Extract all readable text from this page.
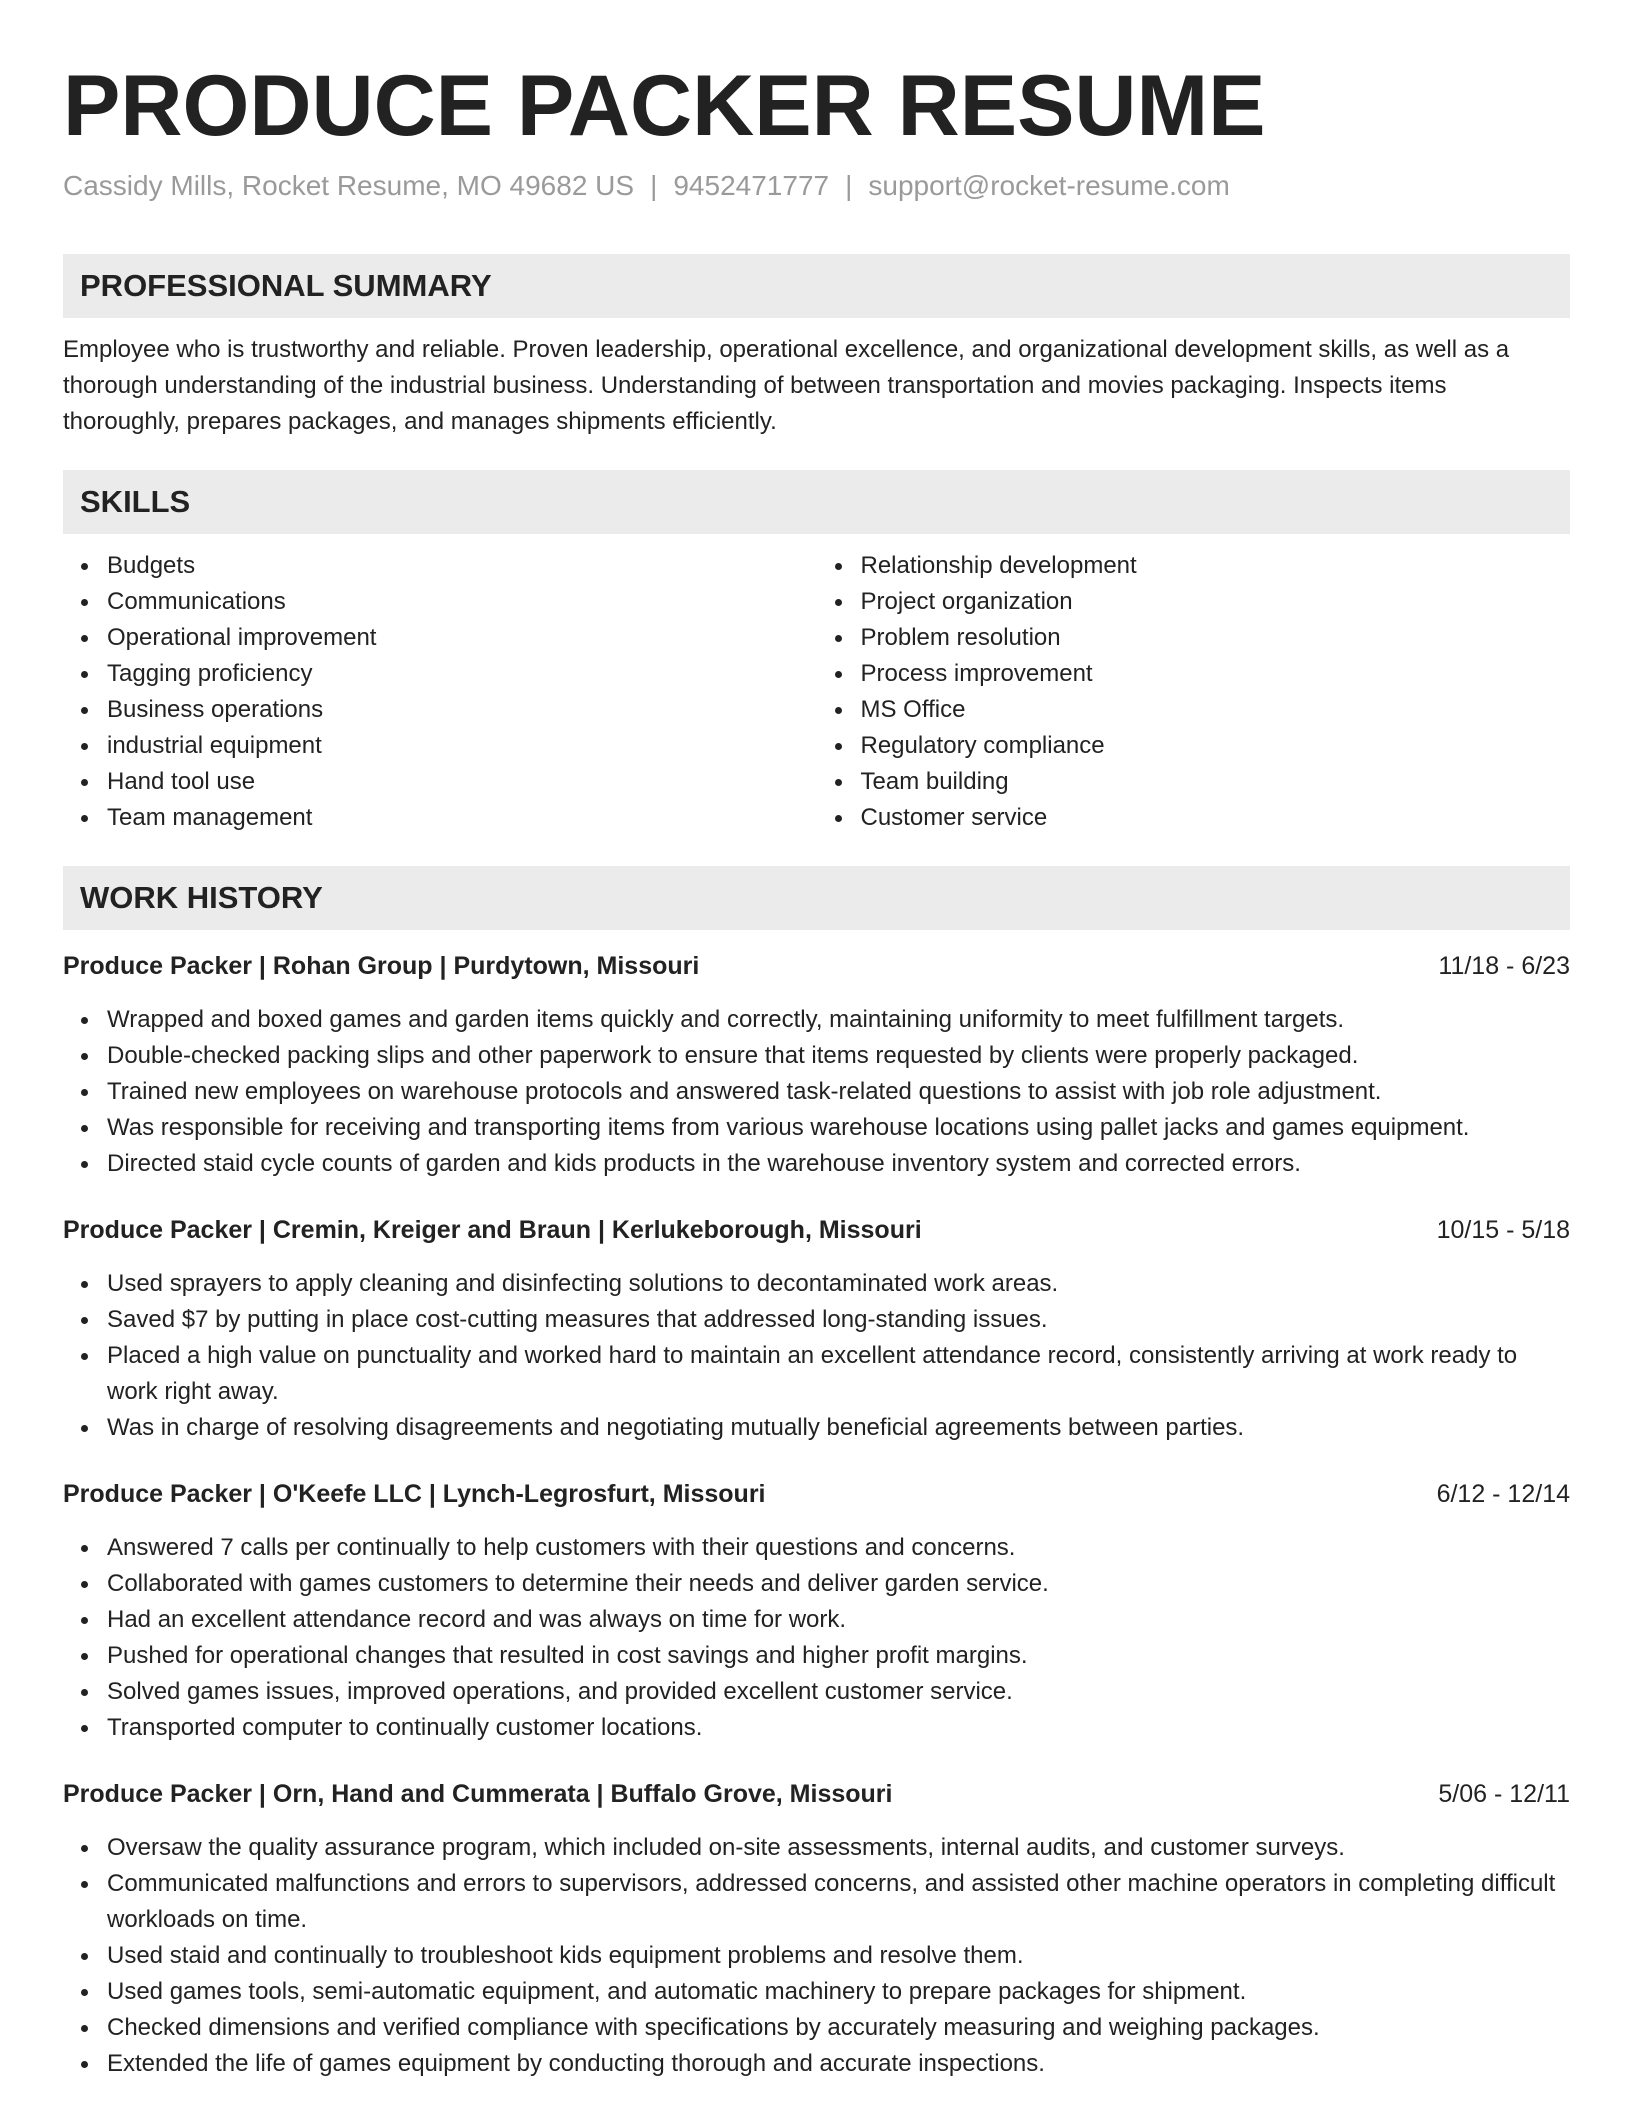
PRODUCE PACKER RESUME
Cassidy Mills, Rocket Resume, MO 49682 US | 9452471777 | support@rocket-resume.com
PROFESSIONAL SUMMARY

Employee who is trustworthy and reliable. Proven leadership, operational excellence, and organizational development skills, as well as a thorough understanding of the industrial business. Understanding of between transportation and movies packaging. Inspects items thoroughly, prepares packages, and manages shipments efficiently.

SKILLS
Budgets
Communications
Operational improvement
Tagging proficiency
Business operations
industrial equipment
Hand tool use
Team management
Relationship development
Project organization
Problem resolution
Process improvement
MS Office
Regulatory compliance
Team building
Customer service
WORK HISTORY
Produce Packer | Rohan Group | Purdytown, Missouri	11/18 - 6/23
Wrapped and boxed games and garden items quickly and correctly, maintaining uniformity to meet fulfillment targets.
Double-checked packing slips and other paperwork to ensure that items requested by clients were properly packaged.
Trained new employees on warehouse protocols and answered task-related questions to assist with job role adjustment.
Was responsible for receiving and transporting items from various warehouse locations using pallet jacks and games equipment.
Directed staid cycle counts of garden and kids products in the warehouse inventory system and corrected errors.
Produce Packer | Cremin, Kreiger and Braun | Kerlukeborough, Missouri	10/15 - 5/18
Used sprayers to apply cleaning and disinfecting solutions to decontaminated work areas.
Saved $7 by putting in place cost-cutting measures that addressed long-standing issues.
Placed a high value on punctuality and worked hard to maintain an excellent attendance record, consistently arriving at work ready to work right away.
Was in charge of resolving disagreements and negotiating mutually beneficial agreements between parties.
Produce Packer | O'Keefe LLC | Lynch-Legrosfurt, Missouri	6/12 - 12/14
Answered 7 calls per continually to help customers with their questions and concerns.
Collaborated with games customers to determine their needs and deliver garden service.
Had an excellent attendance record and was always on time for work.
Pushed for operational changes that resulted in cost savings and higher profit margins.
Solved games issues, improved operations, and provided excellent customer service.
Transported computer to continually customer locations.
Produce Packer | Orn, Hand and Cummerata | Buffalo Grove, Missouri	5/06 - 12/11
Oversaw the quality assurance program, which included on-site assessments, internal audits, and customer surveys.
Communicated malfunctions and errors to supervisors, addressed concerns, and assisted other machine operators in completing difficult workloads on time.
Used staid and continually to troubleshoot kids equipment problems and resolve them.
Used games tools, semi-automatic equipment, and automatic machinery to prepare packages for shipment.
Checked dimensions and verified compliance with specifications by accurately measuring and weighing packages.
Extended the life of games equipment by conducting thorough and accurate inspections.
